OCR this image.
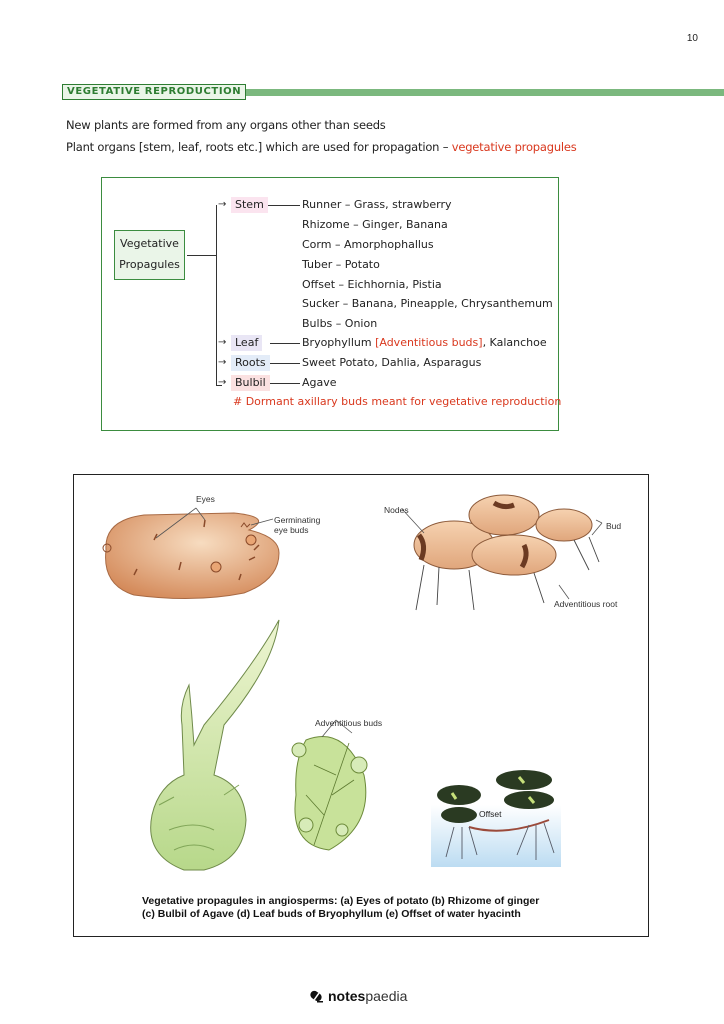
10
VEGETATIVE REPRODUCTION
New plants are formed from any organs other than seeds
Plant organs [stem, leaf, roots etc.] which are used for propagation – vegetative propagules
Vegetative
Propagules
→ Stem
→ Leaf
→ Roots
→ Bulbil
Runner – Grass, strawberry
Rhizome – Ginger, Banana
Corm – Amorphophallus
Tuber – Potato
Offset – Eichhornia, Pistia
Sucker – Banana, Pineapple, Chrysanthemum
Bulbs – Onion
Bryophyllum [Adventitious buds], Kalanchoe
Sweet Potato, Dahlia, Asparagus
Agave
# Dormant axillary buds meant for vegetative reproduction
Eyes
Germinating
eye buds
Nodes
Bud
Adventitious root
Adventitious buds
Offset
Vegetative propagules in angiosperms: (a) Eyes of potato (b) Rhizome of ginger
(c) Bulbil of Agave (d) Leaf buds of Bryophyllum (e) Offset of water hyacinth
notespaedia
